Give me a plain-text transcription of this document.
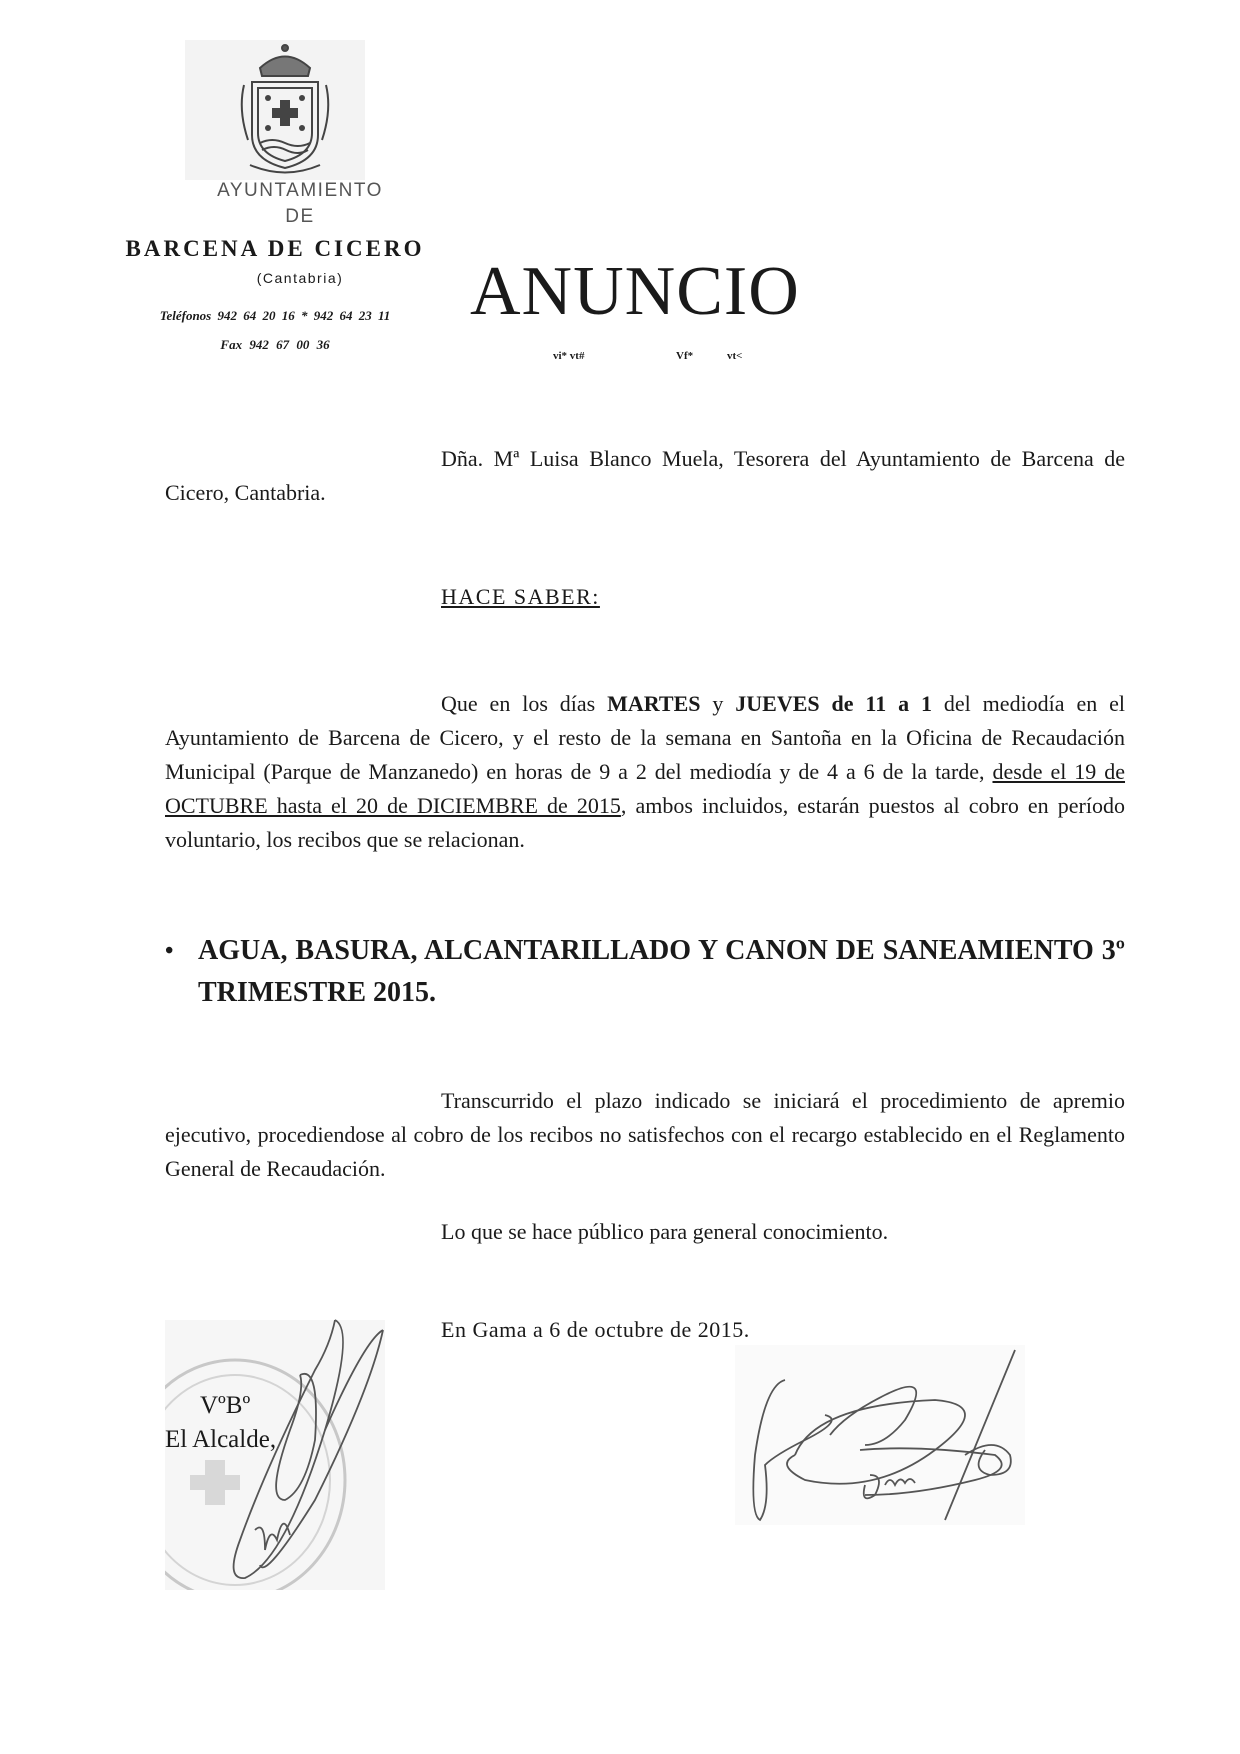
AYUNTAMIENTO
DE
BARCENA DE CICERO
(Cantabria)
Teléfonos 942 64 20 16 * 942 64 23 11
Fax 942 67 00 36
ANUNCIO
vi* vt#	Vf*	vt<
Dña. Mª Luisa Blanco Muela, Tesorera del Ayuntamiento de Barcena de Cicero, Cantabria.
HACE SABER:
Que en los días MARTES y JUEVES de 11 a 1 del mediodía en el Ayuntamiento de Barcena de Cicero, y el resto de la semana en Santoña en la Oficina de Recaudación Municipal (Parque de Manzanedo) en horas de 9 a 2 del mediodía y de 4 a 6 de la tarde, desde el 19 de OCTUBRE hasta el 20 de DICIEMBRE de 2015, ambos incluidos, estarán puestos al cobro en período voluntario, los recibos que se relacionan.
• AGUA, BASURA, ALCANTARILLADO Y CANON DE SANEAMIENTO 3º TRIMESTRE 2015.
Transcurrido el plazo indicado se iniciará el procedimiento de apremio ejecutivo, procediendose al cobro de los recibos no satisfechos con el recargo establecido en el Reglamento General de Recaudación.
Lo que se hace público para general conocimiento.
En Gama a 6 de octubre de 2015.
VºBº
El Alcalde,
